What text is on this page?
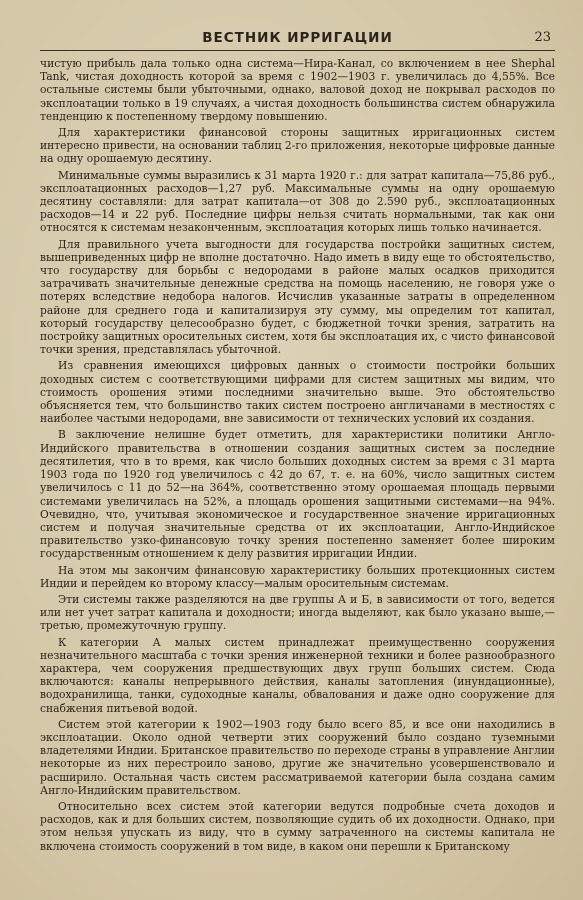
ВЕСТНИК ИРРИГАЦИИ	23

чистую прибыль дала только одна система—Нира-Канал, со включением в нее Shephal Tank, чистая доходность которой за время с 1902—1903 г. увеличилась до 4,55%. Все остальные системы были убыточными, однако, валовой доход не покрывал расходов по эксплоатации только в 19 случаях, а чистая доходность большинства систем обнаружила тенденцию к постепенному твердому повышению.

Для характеристики финансовой стороны защитных ирригационных систем интересно привести, на основании таблиц 2-го приложения, некоторые цифровые данные на одну орошаемую десятину.

Минимальные суммы выразились к 31 марта 1920 г.: для затрат капитала—75,86 руб., эксплоатационных расходов—1,27 руб. Максимальные суммы на одну орошаемую десятину составляли: для затрат капитала—от 308 до 2.590 руб., эксплоатационных расходов—14 и 22 руб. Последние цифры нельзя считать нормальными, так как они относятся к системам незаконченным, эксплоатация которых лишь только начинается.

Для правильного учета выгодности для государства постройки защитных систем, вышеприведенных цифр не вполне достаточно. Надо иметь в виду еще то обстоятельство, что государству для борьбы с недородами в районе малых осадков приходится затрачивать значительные денежные средства на помощь населению, не говоря уже о потерях вследствие недобора налогов. Исчислив указанные затраты в определенном районе для среднего года и капитализируя эту сумму, мы определим тот капитал, который государству целесообразно будет, с бюджетной точки зрения, затратить на постройку защитных оросительных систем, хотя бы эксплоатация их, с чисто финансовой точки зрения, представлялась убыточной.

Из сравнения имеющихся цифровых данных о стоимости постройки больших доходных систем с соответствующими цифрами для систем защитных мы видим, что стоимость орошения этими последними значительно выше. Это обстоятельство объясняется тем, что большинство таких систем построено англичанами в местностях с наиболее частыми недородами, вне зависимости от технических условий их создания.

В заключение нелишне будет отметить, для характеристики политики Англо-Индийского правительства в отношении создания защитных систем за последние десятилетия, что в то время, как число больших доходных систем за время с 31 марта 1903 года по 1920 год увеличилось с 42 до 67, т. е. на 60%, число защитных систем увеличилось с 11 до 52—на 364%, соответственно этому орошаемая площадь первыми системами увеличилась на 52%, а площадь орошения защитными системами—на 94%. Очевидно, что, учитывая экономическое и государственное значение ирригационных систем и получая значительные средства от их эксплоатации, Англо-Индийское правительство узко-финансовую точку зрения постепенно заменяет более широким государственным отношением к делу развития ирригации Индии.

На этом мы закончим финансовую характеристику больших протекционных систем Индии и перейдем ко второму классу—малым оросительным системам.

Эти системы также разделяются на две группы А и Б, в зависимости от того, ведется или нет учет затрат капитала и доходности; иногда выделяют, как было указано выше,—третью, промежуточную группу.

К категории А малых систем принадлежат преимущественно сооружения незначительного масштаба с точки зрения инженерной техники и более разнообразного характера, чем сооружения предшествующих двух групп больших систем. Сюда включаются: каналы непрерывного действия, каналы затопления (инундационные), водохранилища, танки, судоходные каналы, обвалования и даже одно сооружение для снабжения питьевой водой.

Систем этой категории к 1902—1903 году было всего 85, и все они находились в эксплоатации. Около одной четверти этих сооружений было создано туземными владетелями Индии. Британское правительство по переходе страны в управление Англии некоторые из них перестроило заново, другие же значительно усовершенствовало и расширило. Остальная часть систем рассматриваемой категории была создана самим Англо-Индийским правительством.

Относительно всех систем этой категории ведутся подробные счета доходов и расходов, как и для больших систем, позволяющие судить об их доходности. Однако, при этом нельзя упускать из виду, что в сумму затраченного на системы капитала не включена стоимость сооружений в том виде, в каком они перешли к Британскому
